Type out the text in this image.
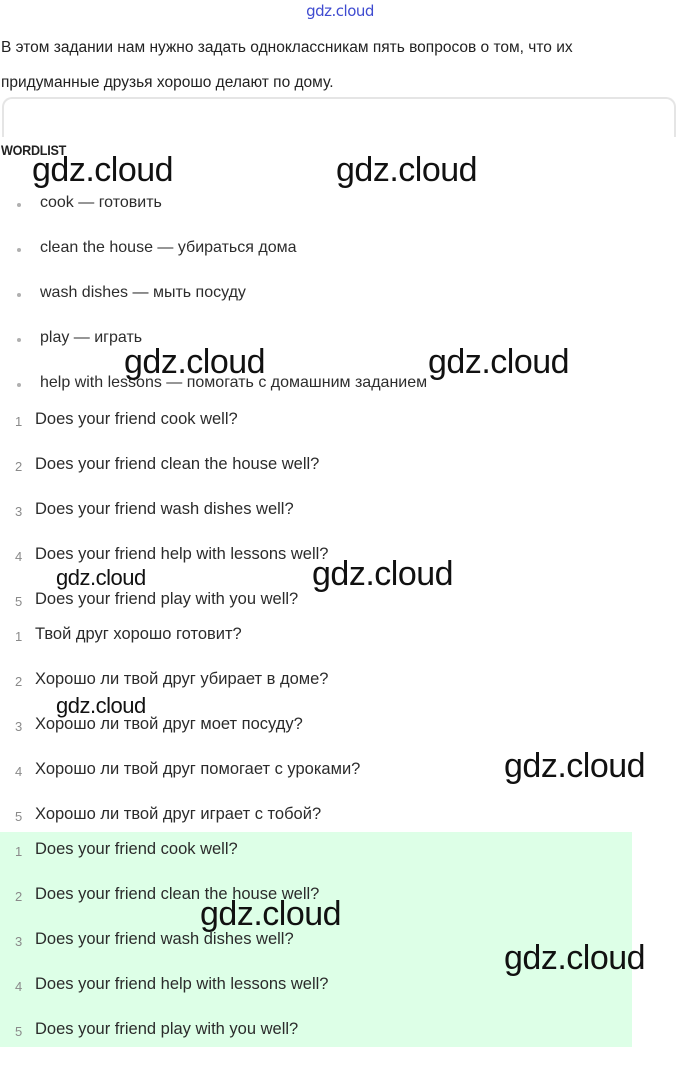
gdz.cloud
В этом задании нам нужно задать одноклассникам пять вопросов о том, что их придуманные друзья хорошо делают по дому.
WORDLIST
cook — готовить
clean the house — убираться дома
wash dishes — мыть посуду
play — играть
help with lessons — помогать с домашним заданием
1 Does your friend cook well?
2 Does your friend clean the house well?
3 Does your friend wash dishes well?
4 Does your friend help with lessons well?
5 Does your friend play with you well?
1 Твой друг хорошо готовит?
2 Хорошо ли твой друг убирает в доме?
3 Хорошо ли твой друг моет посуду?
4 Хорошо ли твой друг помогает с уроками?
5 Хорошо ли твой друг играет с тобой?
1 Does your friend cook well?
2 Does your friend clean the house well?
3 Does your friend wash dishes well?
4 Does your friend help with lessons well?
5 Does your friend play with you well?
gdz.cloud	gdz.cloud
gdz.cloud	gdz.cloud
gdz.cloud	gdz.cloud
gdz.cloud
gdz.cloud
gdz.cloud
gdz.cloud
